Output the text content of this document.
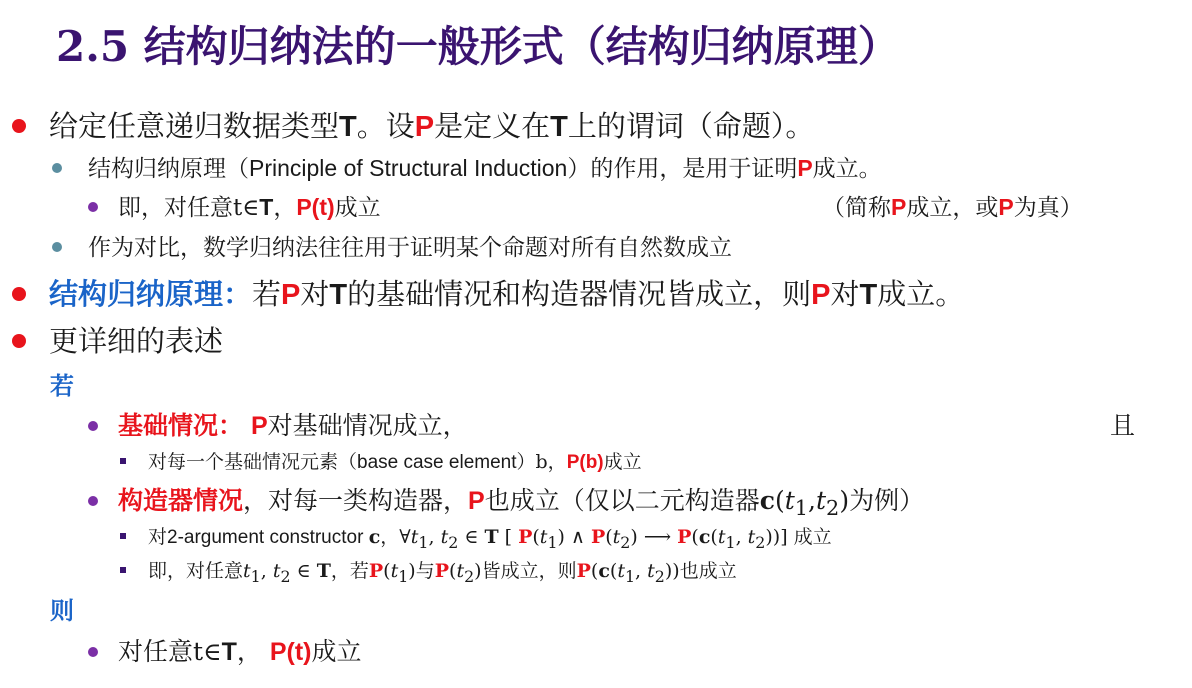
2.5 结构归纳法的一般形式（结构归纳原理）
给定任意递归数据类型T。设P是定义在T上的谓词（命题）。
结构归纳原理（Principle of Structural Induction）的作用，是用于证明P成立。
即，对任意t∈T，P(t)成立	（简称P成立，或P为真）
作为对比，数学归纳法往往用于证明某个命题对所有自然数成立
结构归纳原理：若P对T的基础情况和构造器情况皆成立，则P对T成立。
更详细的表述
若
基础情况： P对基础情况成立，	且
对每一个基础情况元素（base case element）b，P(b)成立
构造器情况，对每一类构造器，P也成立（仅以二元构造器$c(t_1,t_2)$为例）
对2-argument constructor c，$\forall t_1$, $t_2$ ∈ T [ $P(t_1)$ ∧ $P(t_2)$ ⟶ $P(c(t_1$, $t_2$))] 成立
即，对任意$t_1$, $t_2$ ∈ T，若$P(t_1)$与$P(t_2)$皆成立，则$P(c(t_1$, $t_2$))也成立
则
对任意t∈T， P(t)成立
